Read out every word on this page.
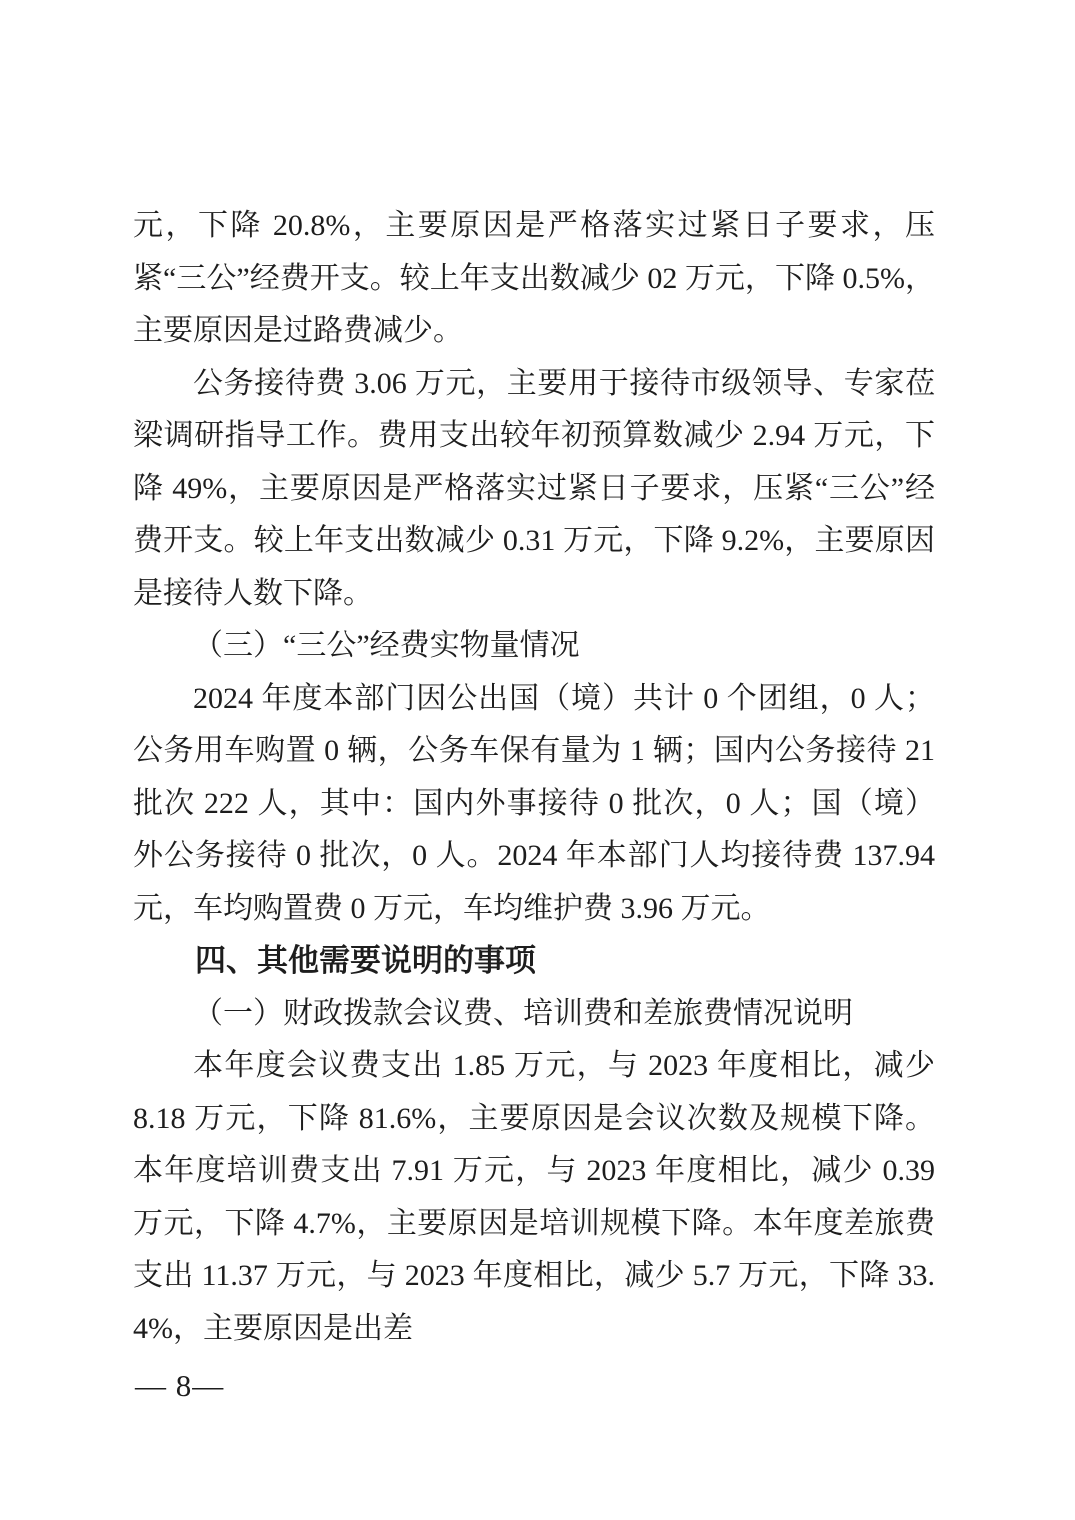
元，下降 20.8%，主要原因是严格落实过紧日子要求，压紧“三公”经费开支。较上年支出数减少 02 万元，下降 0.5%，主要原因是过路费减少。

公务接待费 3.06 万元，主要用于接待市级领导、专家莅梁调研指导工作。费用支出较年初预算数减少 2.94 万元，下降 49%，主要原因是严格落实过紧日子要求，压紧“三公”经费开支。较上年支出数减少 0.31 万元，下降 9.2%，主要原因是接待人数下降。

（三）“三公”经费实物量情况

2024 年度本部门因公出国（境）共计 0 个团组，0 人；公务用车购置 0 辆，公务车保有量为 1 辆；国内公务接待 21 批次 222 人，其中：国内外事接待 0 批次，0 人；国（境）外公务接待 0 批次，0 人。2024 年本部门人均接待费 137.94 元，车均购置费 0 万元，车均维护费 3.96 万元。

四、其他需要说明的事项

（一）财政拨款会议费、培训费和差旅费情况说明

本年度会议费支出 1.85 万元，与 2023 年度相比，减少 8.18 万元，下降 81.6%，主要原因是会议次数及规模下降。本年度培训费支出 7.91 万元，与 2023 年度相比，减少 0.39 万元，下降 4.7%，主要原因是培训规模下降。本年度差旅费支出 11.37 万元，与 2023 年度相比，减少 5.7 万元，下降 33.4%，主要原因是出差

— 8—
